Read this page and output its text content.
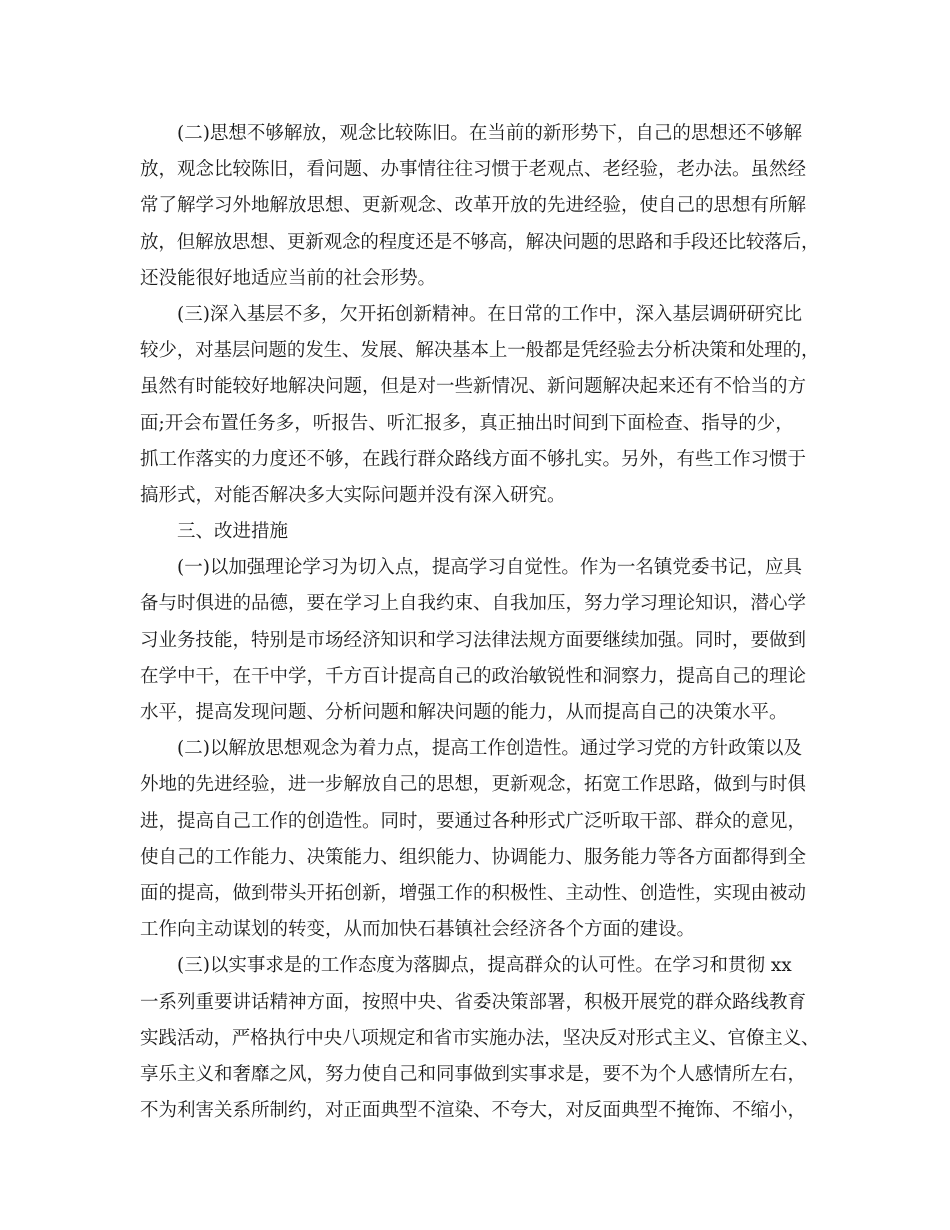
(二)思想不够解放，观念比较陈旧。在当前的新形势下，自己的思想还不够解
放，观念比较陈旧，看问题、办事情往往习惯于老观点、老经验，老办法。虽然经
常了解学习外地解放思想、更新观念、改革开放的先进经验，使自己的思想有所解
放，但解放思想、更新观念的程度还是不够高，解决问题的思路和手段还比较落后，
还没能很好地适应当前的社会形势。
(三)深入基层不多，欠开拓创新精神。在日常的工作中，深入基层调研研究比
较少，对基层问题的发生、发展、解决基本上一般都是凭经验去分析决策和处理的，
虽然有时能较好地解决问题，但是对一些新情况、新问题解决起来还有不恰当的方
面;开会布置任务多，听报告、听汇报多，真正抽出时间到下面检查、指导的少，
抓工作落实的力度还不够，在践行群众路线方面不够扎实。另外，有些工作习惯于
搞形式，对能否解决多大实际问题并没有深入研究。
三、改进措施
(一)以加强理论学习为切入点，提高学习自觉性。作为一名镇党委书记，应具
备与时俱进的品德，要在学习上自我约束、自我加压，努力学习理论知识，潜心学
习业务技能，特别是市场经济知识和学习法律法规方面要继续加强。同时，要做到
在学中干，在干中学，千方百计提高自己的政治敏锐性和洞察力，提高自己的理论
水平，提高发现问题、分析问题和解决问题的能力，从而提高自己的决策水平。
(二)以解放思想观念为着力点，提高工作创造性。通过学习党的方针政策以及
外地的先进经验，进一步解放自己的思想，更新观念，拓宽工作思路，做到与时俱
进，提高自己工作的创造性。同时，要通过各种形式广泛听取干部、群众的意见，
使自己的工作能力、决策能力、组织能力、协调能力、服务能力等各方面都得到全
面的提高，做到带头开拓创新，增强工作的积极性、主动性、创造性，实现由被动
工作向主动谋划的转变，从而加快石碁镇社会经济各个方面的建设。
(三)以实事求是的工作态度为落脚点，提高群众的认可性。在学习和贯彻 xx
一系列重要讲话精神方面，按照中央、省委决策部署，积极开展党的群众路线教育
实践活动，严格执行中央八项规定和省市实施办法，坚决反对形式主义、官僚主义、
享乐主义和奢靡之风，努力使自己和同事做到实事求是，要不为个人感情所左右，
不为利害关系所制约，对正面典型不渲染、不夸大，对反面典型不掩饰、不缩小，
